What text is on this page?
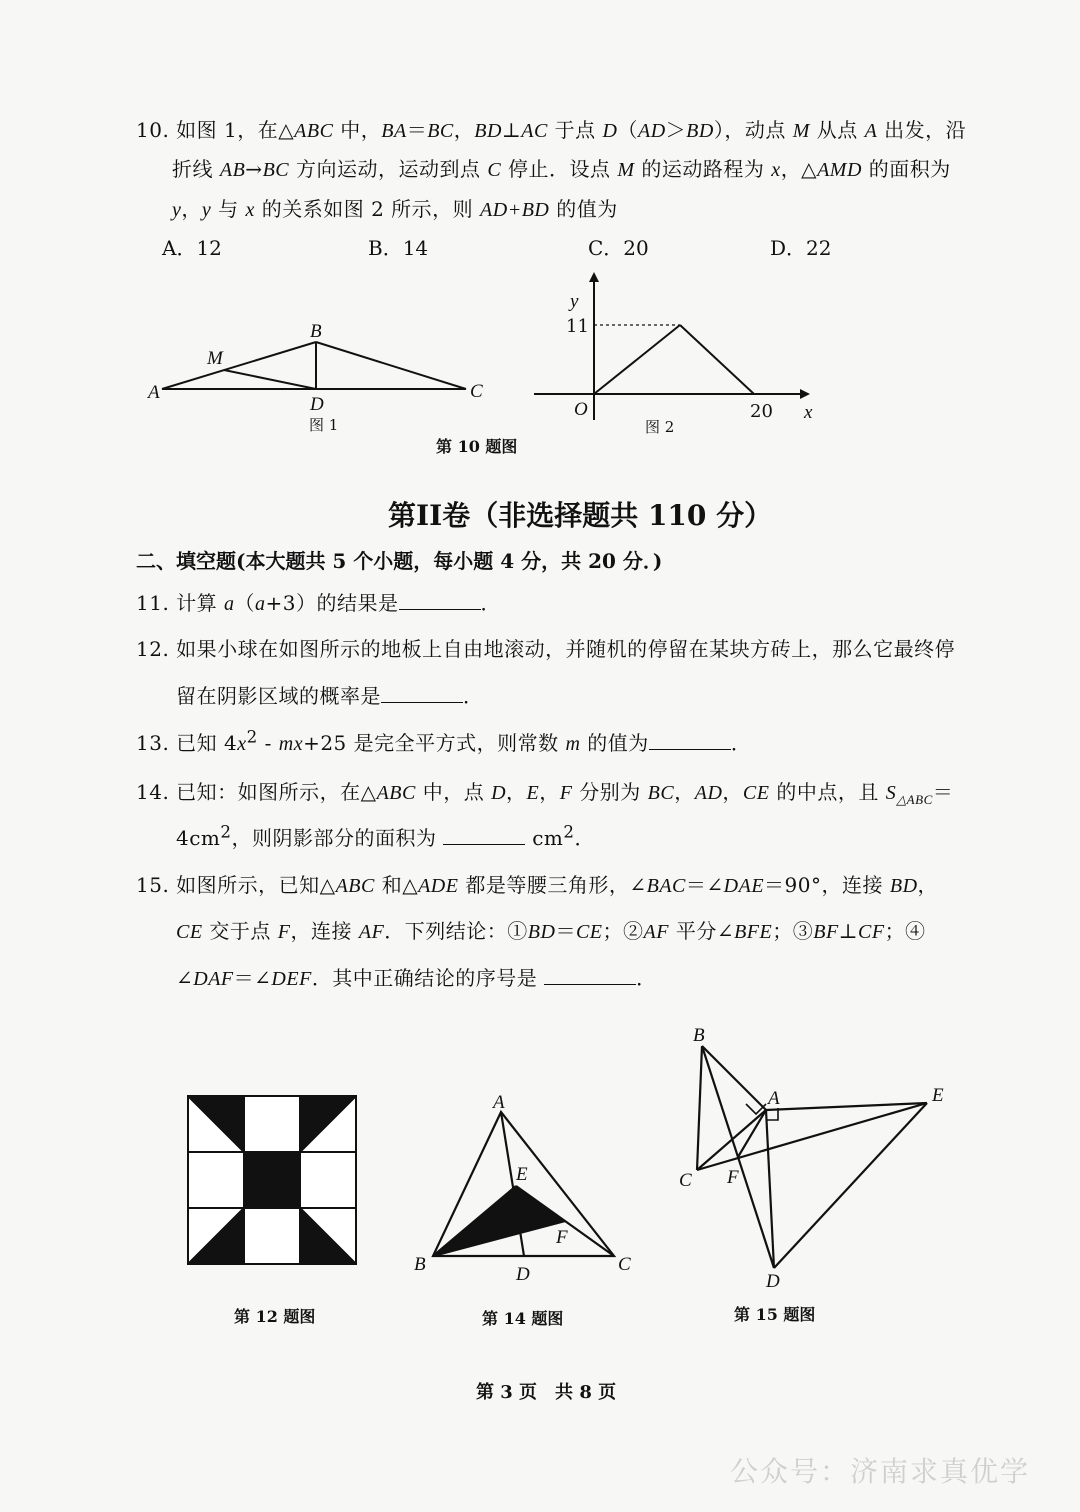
10. 如图 1，在△ABC 中，BA＝BC，BD⊥AC 于点 D（AD＞BD），动点 M 从点 A 出发，沿
折线 AB→BC 方向运动，运动到点 C 停止．设点 M 的运动路程为 x，△AMD 的面积为
y，y 与 x 的关系如图 2 所示，则 AD+BD 的值为
A．12	B．14	C．20	D．22
A
B
C
D
M
图 1
y
x
O
11
20
图 2
第 10 题图
第II卷（非选择题共 110 分）
二、填空题(本大题共 5 个小题，每小题 4 分，共 20 分．)
11. 计算 a（a+3）的结果是	．
12. 如果小球在如图所示的地板上自由地滚动，并随机的停留在某块方砖上，那么它最终停
留在阴影区域的概率是	．
13. 已知 $4x^2 - mx+25$ 是完全平方式，则常数 m 的值为	．
14. 已知：如图所示，在△ABC 中，点 D，E，F 分别为 BC，AD，CE 的中点，且 $S_{\triangle ABC}=$
$4cm^2$，则阴影部分的面积为	$cm^2$．
15. 如图所示，已知△ABC 和△ADE 都是等腰三角形，∠BAC＝∠DAE＝90°，连接 BD，
CE 交于点 F，连接 AF．下列结论：①BD＝CE；②AF 平分∠BFE；③BF⊥CF；④
∠DAF＝∠DEF．其中正确结论的序号是	．
A
B	C
D
E
F
B
A	E
C F
D
第 12 题图	第 14 题图	第 15 题图
第 3 页　共 8 页
公众号：济南求真优学
